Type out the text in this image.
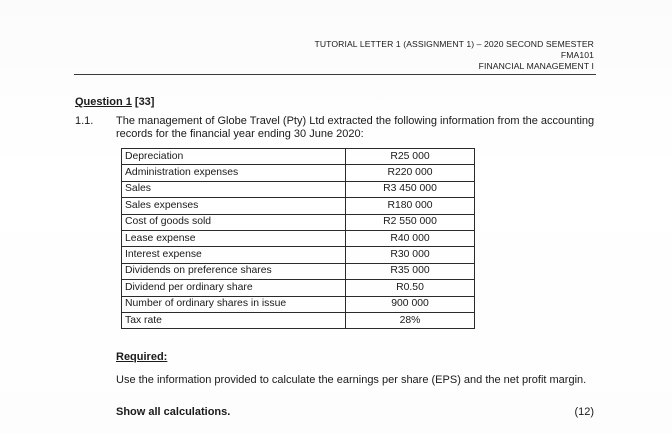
TUTORIAL LETTER 1 (ASSIGNMENT 1) – 2020 SECOND SEMESTER
FMA101
FINANCIAL MANAGEMENT I
Question 1 [33]
1.1. The management of Globe Travel (Pty) Ltd extracted the following information from the accounting records for the financial year ending 30 June 2020:
Depreciation	R25 000
Administration expenses	R220 000
Sales	R3 450 000
Sales expenses	R180 000
Cost of goods sold	R2 550 000
Lease expense	R40 000
Interest expense	R30 000
Dividends on preference shares	R35 000
Dividend per ordinary share	R0.50
Number of ordinary shares in issue	900 000
Tax rate	28%
Required:
Use the information provided to calculate the earnings per share (EPS) and the net profit margin.
Show all calculations.	(12)
